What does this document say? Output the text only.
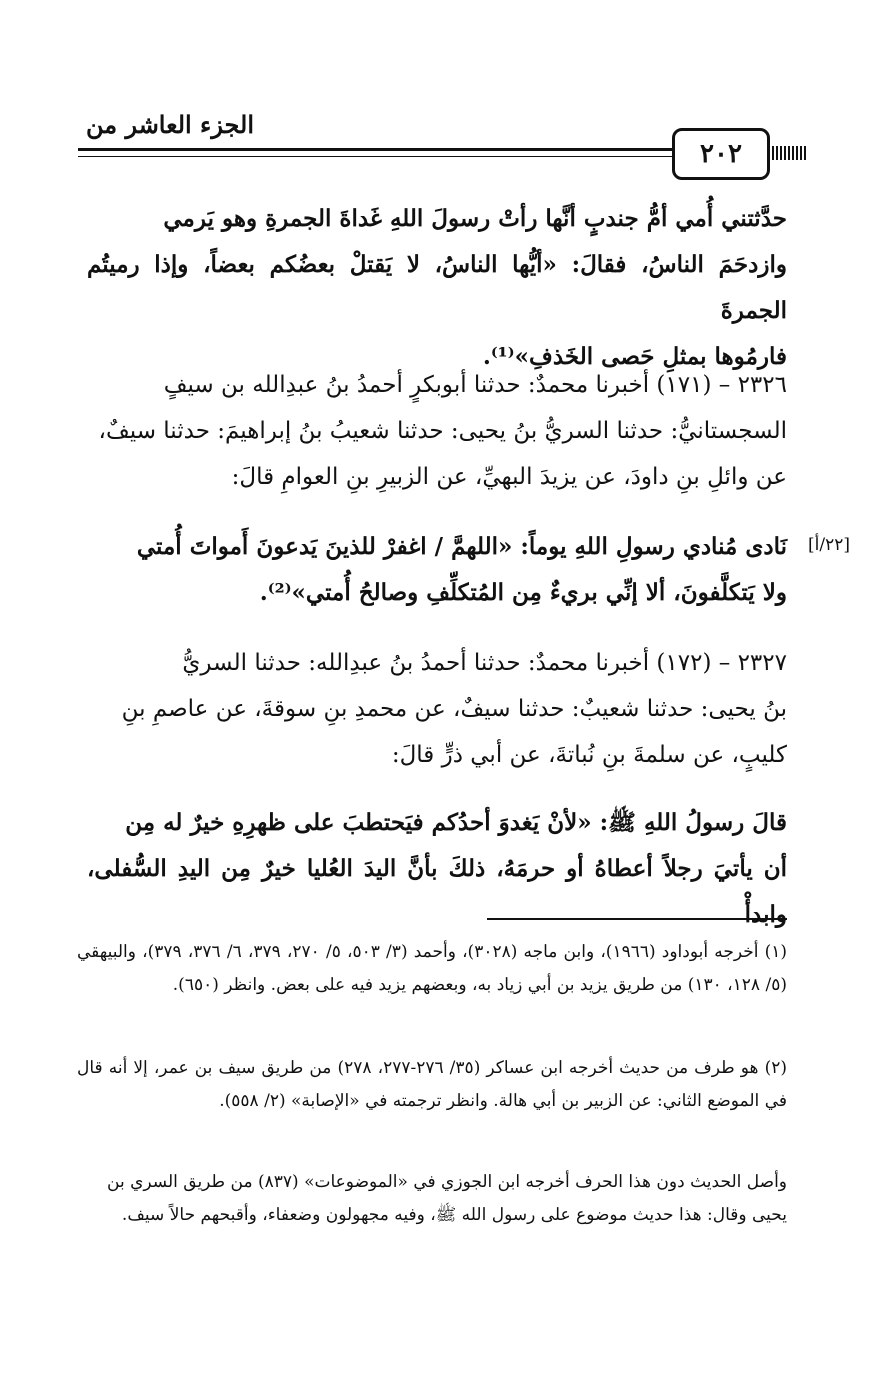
الجزء العاشر من
٢٠٢
حدَّثتني أُمي أمُّ جندبٍ أنَّها رأتْ رسولَ اللهِ غَداةَ الجمرةِ وهو يَرمي
وازدحَمَ الناسُ، فقالَ: «أيُّها الناسُ، لا يَقتلْ بعضُكم بعضاً، وإذا رميتُم الجمرةَ
فارمُوها بمثلِ حَصى الخَذفِ»⁽¹⁾.
٢٣٢٦ – (١٧١) أخبرنا محمدٌ: حدثنا أبوبكرٍ أحمدُ بنُ عبدِالله بن سيفٍ
السجستانيُّ: حدثنا السريُّ بنُ يحيى: حدثنا شعيبُ بنُ إبراهيمَ: حدثنا سيفٌ،
عن وائلِ بنِ داودَ، عن يزيدَ البهيِّ، عن الزبيرِ بنِ العوامِ قالَ:
[٢٢/أ]
نَادى مُنادي رسولِ اللهِ يوماً: «اللهمَّ / اغفرْ للذينَ يَدعونَ أَمواتَ أُمتي
ولا يَتكلَّفونَ، ألا إنِّي بريءٌ مِن المُتكلِّفِ وصالحُ أُمتي»⁽²⁾.
٢٣٢٧ – (١٧٢) أخبرنا محمدٌ: حدثنا أحمدُ بنُ عبدِالله: حدثنا السريُّ
بنُ يحيى: حدثنا شعيبٌ: حدثنا سيفٌ، عن محمدِ بنِ سوقةَ، عن عاصمِ بنِ
كليبٍ، عن سلمةَ بنِ نُباتةَ، عن أبي ذرٍّ قالَ:
قالَ رسولُ اللهِ ﷺ: «لأنْ يَغدوَ أحدُكم فيَحتطبَ على ظهرِهِ خيرٌ له مِن
أن يأتيَ رجلاً أعطاهُ أو حرمَهُ، ذلكَ بأنَّ اليدَ العُليا خيرٌ مِن اليدِ السُّفلى، وابدأْ
(١) أخرجه أبوداود (١٩٦٦)، وابن ماجه (٣٠٢٨)، وأحمد (٣/ ٥٠٣، ٥/ ٢٧٠، ٣٧٩، ٦/ ٣٧٦، ٣٧٩)، والبيهقي (٥/ ١٢٨، ١٣٠) من طريق يزيد بن أبي زياد به، وبعضهم يزيد فيه على بعض. وانظر (٦٥٠).
(٢) هو طرف من حديث أخرجه ابن عساكر (٣٥/ ٢٧٦-٢٧٧، ٢٧٨) من طريق سيف بن عمر، إلا أنه قال في الموضع الثاني: عن الزبير بن أبي هالة. وانظر ترجمته في «الإصابة» (٢/ ٥٥٨).
وأصل الحديث دون هذا الحرف أخرجه ابن الجوزي في «الموضوعات» (٨٣٧) من طريق السري بن يحيى وقال: هذا حديث موضوع على رسول الله ﷺ، وفيه مجهولون وضعفاء، وأقبحهم حالاً سيف.
